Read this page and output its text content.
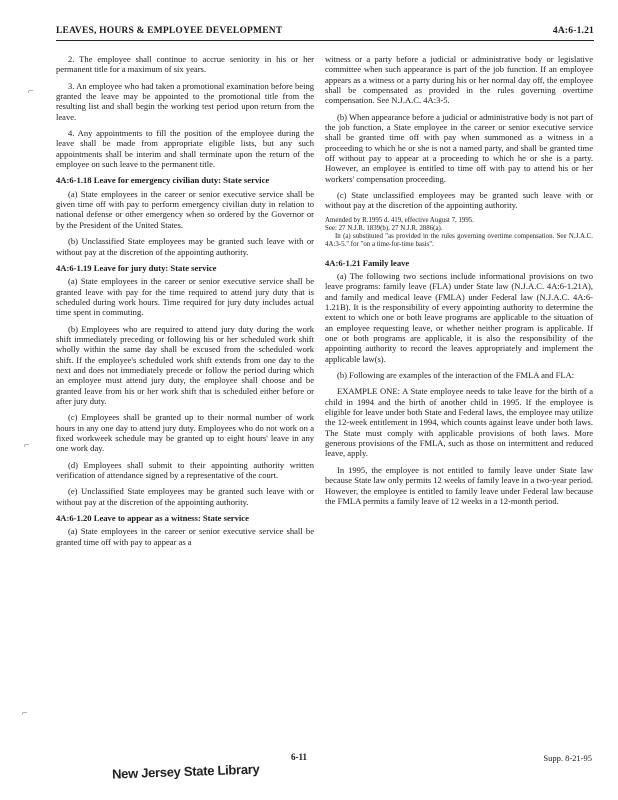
LEAVES, HOURS & EMPLOYEE DEVELOPMENT	4A:6-1.21
⌐
⌐
⌐

2. The employee shall continue to accrue seniority in his or her permanent title for a maximum of six years.

3. An employee who had taken a promotional examination before being granted the leave may be appointed to the promotional title from the resulting list and shall begin the working test period upon return from the leave.

4. Any appointments to fill the position of the employee during the leave shall be made from appropriate eligible lists, but any such appointments shall be interim and shall terminate upon the return of the employee on such leave to the permanent title.

4A:6-1.18 Leave for emergency civilian duty: State service

(a) State employees in the career or senior executive service shall be given time off with pay to perform emergency civilian duty in relation to national defense or other emergency when so ordered by the Governor or by the President of the United States.

(b) Unclassified State employees may be granted such leave with or without pay at the discretion of the appointing authority.

4A:6-1.19 Leave for jury duty: State service

(a) State employees in the career or senior executive service shall be granted leave with pay for the time required to attend jury duty that is scheduled during work hours. Time required for jury duty includes actual time spent in commuting.

(b) Employees who are required to attend jury duty during the work shift immediately preceding or following his or her scheduled work shift wholly within the same day shall be excused from the scheduled work shift. If the employee's scheduled work shift extends from one day to the next and does not immediately precede or follow the period during which an employee must attend jury duty, the employee shall choose and be granted leave from his or her work shift that is scheduled either before or after jury duty.

(c) Employees shall be granted up to their normal number of work hours in any one day to attend jury duty. Employees who do not work on a fixed workweek schedule may be granted up to eight hours' leave in any one work day.

(d) Employees shall submit to their appointing authority written verification of attendance signed by a representative of the court.

(e) Unclassified State employees may be granted such leave with or without pay at the discretion of the appointing authority.

4A:6-1.20 Leave to appear as a witness: State service

(a) State employees in the career or senior executive service shall be granted time off with pay to appear as a

witness or a party before a judicial or administrative body or legislative committee when such appearance is part of the job function. If an employee appears as a witness or a party during his or her normal day off, the employee shall be compensated as provided in the rules governing overtime compensation. See N.J.A.C. 4A:3-5.

(b) When appearance before a judicial or administrative body is not part of the job function, a State employee in the career or senior executive service shall be granted time off with pay when summoned as a witness in a proceeding to which he or she is not a named party, and shall be granted time off without pay to appear at a proceeding to which he or she is a party. However, an employee is entitled to time off with pay to attend his or her workers' compensation proceeding.

(c) State unclassified employees may be granted such leave with or without pay at the discretion of the appointing authority.

Amended by R.1995 d. 419, effective August 7, 1995.

See: 27 N.J.R. 1839(b), 27 N.J.R. 2886(a).

In (a) substituted "as provided in the rules governing overtime compensation. See N.J.A.C. 4A:3-5." for "on a time-for-time basis".

4A:6-1.21 Family leave

(a) The following two sections include informational provisions on two leave programs: family leave (FLA) under State law (N.J.A.C. 4A:6-1.21A), and family and medical leave (FMLA) under Federal law (N.J.A.C. 4A:6-1.21B). It is the responsibility of every appointing authority to determine the extent to which one or both leave programs are applicable to the situation of an employee requesting leave, or whether neither program is applicable. If one or both programs are applicable, it is also the responsibility of the appointing authority to record the leaves appropriately and implement the applicable law(s).

(b) Following are examples of the interaction of the FMLA and FLA:

EXAMPLE ONE: A State employee needs to take leave for the birth of a child in 1994 and the birth of another child in 1995. If the employee is eligible for leave under both State and Federal laws, the employee may utilize the 12-week entitlement in 1994, which counts against leave under both laws. The State must comply with applicable provisions of both laws. More generous provisions of the FMLA, such as those on intermittent and reduced leave, apply.

In 1995, the employee is not entitled to family leave under State law because State law only permits 12 weeks of family leave in a two-year period. However, the employee is entitled to family leave under Federal law because the FMLA permits a family leave of 12 weeks in a 12-month period.

6-11	Supp. 8-21-95
New Jersey State Library
